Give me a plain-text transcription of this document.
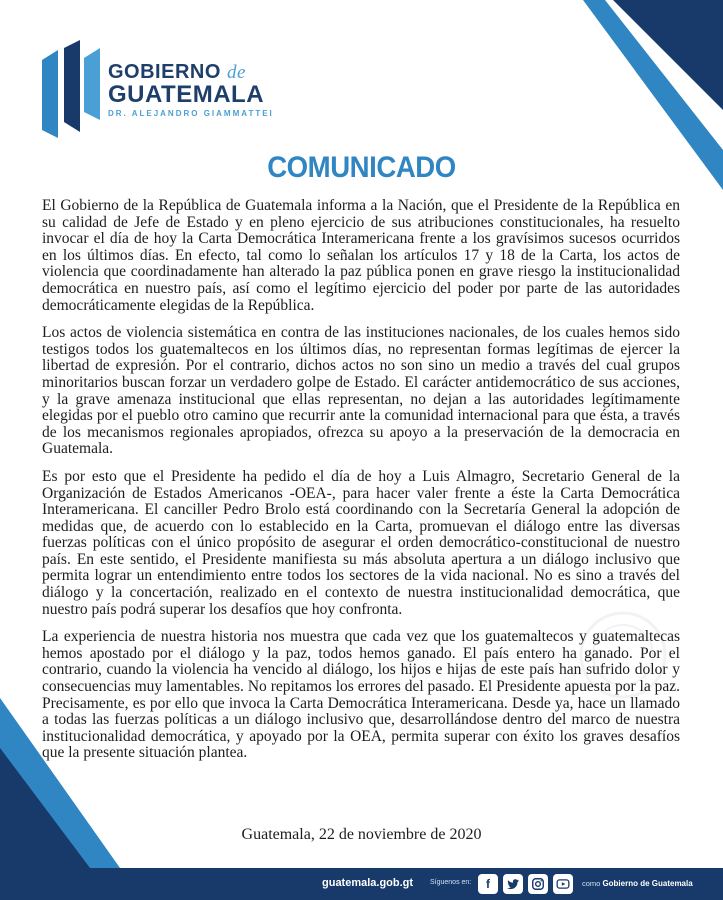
GOBIERNO de
GUATEMALA
DR. ALEJANDRO GIAMMATTEI
COMUNICADO

El Gobierno de la República de Guatemala informa a la Nación, que el Presidente de la República en su calidad de Jefe de Estado y en pleno ejercicio de sus atribuciones constitucionales, ha resuelto invocar el día de hoy la Carta Democrática Interamericana frente a los gravísimos sucesos ocurridos en los últimos días. En efecto, tal como lo señalan los artículos 17 y 18 de la Carta, los actos de violencia que coordinadamente han alterado la paz pública ponen en grave riesgo la institucionalidad democrática en nuestro país, así como el legítimo ejercicio del poder por parte de las autoridades democráticamente elegidas de la República.

Los actos de violencia sistemática en contra de las instituciones nacionales, de los cuales hemos sido testigos todos los guatemaltecos en los últimos días, no representan formas legítimas de ejercer la libertad de expresión. Por el contrario, dichos actos no son sino un medio a través del cual grupos minoritarios buscan forzar un verdadero golpe de Estado. El carácter antidemocrático de sus acciones, y la grave amenaza institucional que ellas representan, no dejan a las autoridades legítimamente elegidas por el pueblo otro camino que recurrir ante la comunidad internacional para que ésta, a través de los mecanismos regionales apropiados, ofrezca su apoyo a la preservación de la democracia en Guatemala.

Es por esto que el Presidente ha pedido el día de hoy a Luis Almagro, Secretario General de la Organización de Estados Americanos -OEA-, para hacer valer frente a éste la Carta Democrática Interamericana. El canciller Pedro Brolo está coordinando con la Secretaría General la adopción de medidas que, de acuerdo con lo establecido en la Carta, promuevan el diálogo entre las diversas fuerzas políticas con el único propósito de asegurar el orden democrático-constitucional de nuestro país. En este sentido, el Presidente manifiesta su más absoluta apertura a un diálogo inclusivo que permita lograr un entendimiento entre todos los sectores de la vida nacional. No es sino a través del diálogo y la concertación, realizado en el contexto de nuestra institucionalidad democrática, que nuestro país podrá superar los desafíos que hoy confronta.

La experiencia de nuestra historia nos muestra que cada vez que los guatemaltecos y guatemaltecas hemos apostado por el diálogo y la paz, todos hemos ganado. El país entero ha ganado. Por el contrario, cuando la violencia ha vencido al diálogo, los hijos e hijas de este país han sufrido dolor y consecuencias muy lamentables. No repitamos los errores del pasado. El Presidente apuesta por la paz. Precisamente, es por ello que invoca la Carta Democrática Interamericana. Desde ya, hace un llamado a todas las fuerzas políticas a un diálogo inclusivo que, desarrollándose dentro del marco de nuestra institucionalidad democrática, y apoyado por la OEA, permita superar con éxito los graves desafíos que la presente situación plantea.

Guatemala, 22 de noviembre de 2020
guatemala.gob.gt Síguenos en:	f	como Gobierno de Guatemala
